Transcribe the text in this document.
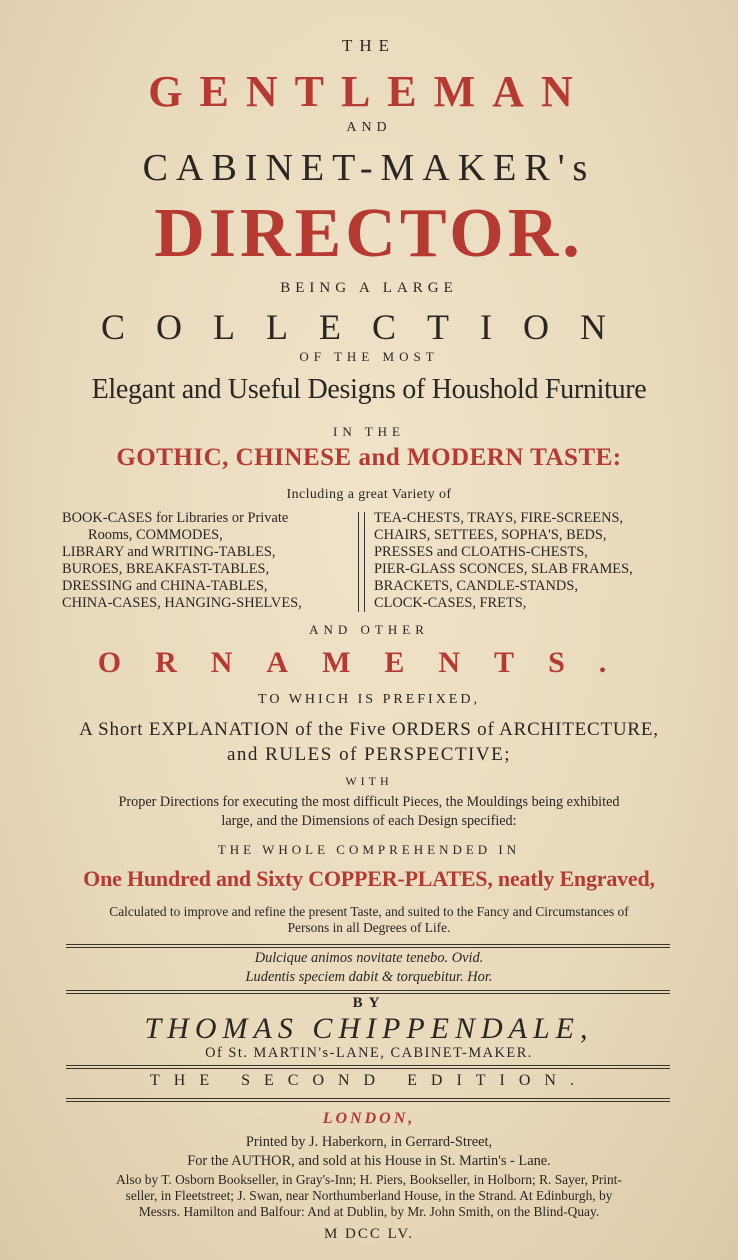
THE
GENTLEMAN
AND
CABINET-MAKER's
DIRECTOR.
BEING A LARGE
COLLECTION
OF THE MOST
Elegant and Useful Designs of Houshold Furniture
IN THE
GOTHIC, CHINESE and MODERN TASTE:
Including a great Variety of
BOOK-CASES for Libraries or Private
Rooms, COMMODES,
LIBRARY and WRITING-TABLES,
BUROES, BREAKFAST-TABLES,
DRESSING and CHINA-TABLES,
CHINA-CASES, HANGING-SHELVES,
TEA-CHESTS, TRAYS, FIRE-SCREENS,
CHAIRS, SETTEES, SOPHA'S, BEDS,
PRESSES and CLOATHS-CHESTS,
PIER-GLASS SCONCES, SLAB FRAMES,
BRACKETS, CANDLE-STANDS,
CLOCK-CASES, FRETS,
AND OTHER
ORNAMENTS.
TO WHICH IS PREFIXED,
A Short EXPLANATION of the Five ORDERS of ARCHITECTURE,
and RULES of PERSPECTIVE;
WITH
Proper Directions for executing the most difficult Pieces, the Mouldings being exhibited
large, and the Dimensions of each Design specified:
THE WHOLE COMPREHENDED IN
One Hundred and Sixty COPPER-PLATES, neatly Engraved,
Calculated to improve and refine the present Taste, and suited to the Fancy and Circumstances of
Persons in all Degrees of Life.
Dulcique animos novitate tenebo. Ovid.
Ludentis speciem dabit & torquebitur. Hor.
BY
THOMAS CHIPPENDALE,
Of St. MARTIN's-LANE, CABINET-MAKER.
THE SECOND EDITION.
LONDON,
Printed by J. Haberkorn, in Gerrard-Street,
For the AUTHOR, and sold at his House in St. Martin's - Lane.
Also by T. Osborn Bookseller, in Gray's-Inn; H. Piers, Bookseller, in Holborn; R. Sayer, Print-
seller, in Fleetstreet; J. Swan, near Northumberland House, in the Strand. At Edinburgh, by
Messrs. Hamilton and Balfour: And at Dublin, by Mr. John Smith, on the Blind-Quay.
M DCC LV.
